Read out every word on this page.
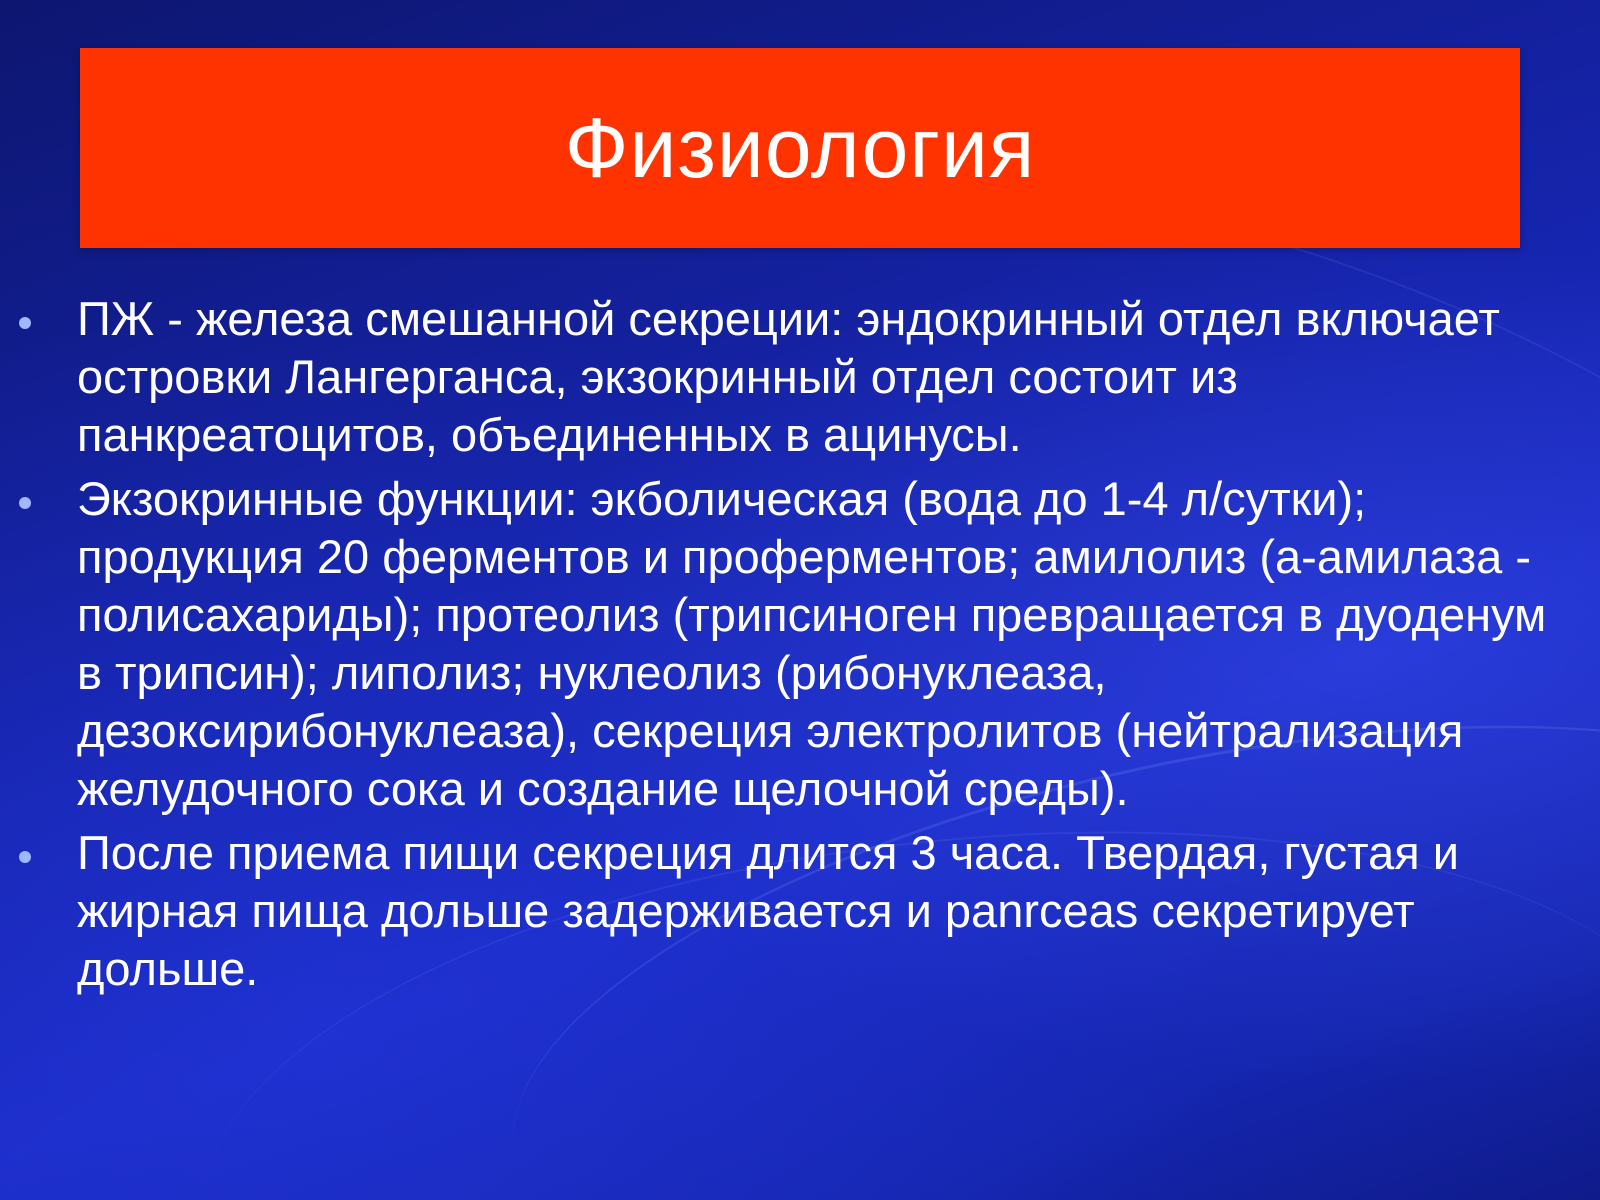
Физиология
ПЖ - железа смешанной секреции: эндокринный отдел включает островки Лангерганса, экзокринный отдел состоит из панкреатоцитов, объединенных в ацинусы.
Экзокринные функции: экболическая (вода до 1-4 л/сутки); продукция 20 ферментов и проферментов; амилолиз (а-амилаза - полисахариды); протеолиз (трипсиноген превращается в дуоденум в трипсин); липолиз; нуклеолиз (рибонуклеаза, дезоксирибонуклеаза), секреция электролитов (нейтрализация желудочного сока и создание щелочной среды).
После приема пищи секреция длится 3 часа. Твердая, густая и жирная пища дольше задерживается и panrceas секретирует дольше.
